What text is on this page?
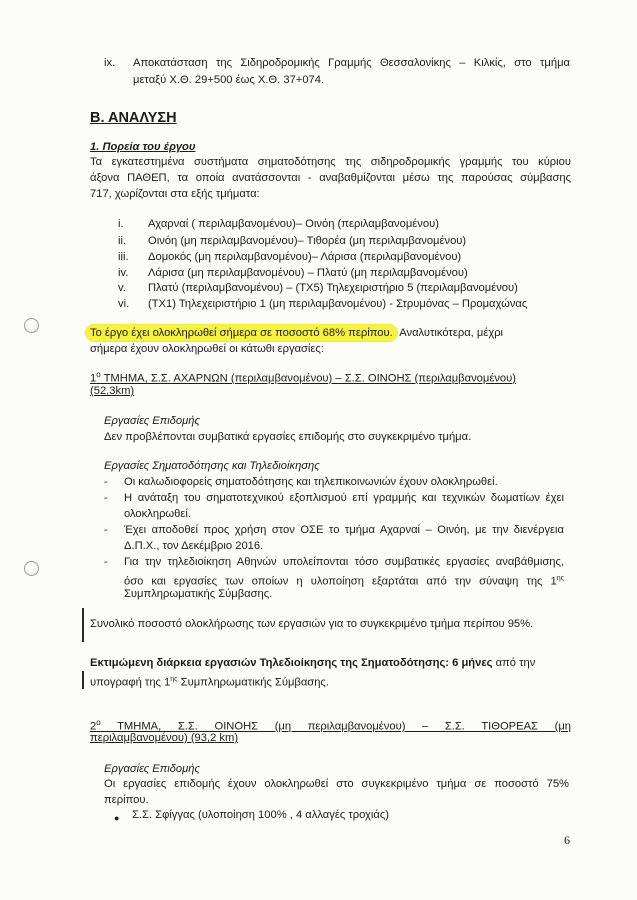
ix. Αποκατάσταση της Σιδηροδρομικής Γραμμής Θεσσαλονίκης – Κιλκίς, στο τμήμα
μεταξύ Χ.Θ. 29+500 έως Χ.Θ. 37+074.
Β. ΑΝΑΛΥΣΗ
1. Πορεία του έργου
Τα εγκατεστημένα συστήματα σηματοδότησης της σιδηροδρομικής γραμμής του κύριου
άξονα ΠΑΘΕΠ, τα οποία ανατάσσονται - αναβαθμίζονται μέσω της παρούσας σύμβασης
717, χωρίζονται στα εξής τμήματα:
i.	Αχαρναί ( περιλαμβανομένου)– Οινόη (περιλαμβανομένου)
ii.	Οινόη (μη περιλαμβανομένου)– Τιθορέα (μη περιλαμβανομένου)
iii.	Δομοκός (μη περιλαμβανομένου)– Λάρισα (περιλαμβανομένου)
iv.	Λάρισα (μη περιλαμβανομένου) – Πλατύ (μη περιλαμβανομένου)
v.	Πλατύ (περιλαμβανομένου) – (ΤΧ5) Τηλεχειριστήριο 5 (περιλαμβανομένου)
vi.	(ΤΧ1) Τηλεχειριστήριο 1 (μη περιλαμβανομένου) - Στρυμόνας – Προμαχώνας
Το έργο έχει ολοκληρωθεί σήμερα σε ποσοστό 68% περίπου. Αναλυτικότερα, μέχρι
σήμερα έχουν ολοκληρωθεί οι κάτωθι εργασίες:
$1^o$ ΤΜΗΜΑ, Σ.Σ. ΑΧΑΡΝΩΝ (περιλαμβανομένου) – Σ.Σ. ΟΙΝΟΗΣ (περιλαμβανομένου)
(52,3km)
Εργασίες Επιδομής
Δεν προβλέπονται συμβατικά εργασίες επιδομής στο συγκεκριμένο τμήμα.
Εργασίες Σηματοδότησης και Τηλεδιοίκησης
- Οι καλωδιοφορείς σηματοδότησης και τηλεπικοινωνιών έχουν ολοκληρωθεί.
- Η ανάταξη του σηματοτεχνικού εξοπλισμού επί γραμμής και τεχνικών δωματίων έχει
ολοκληρωθεί.
- Έχει αποδοθεί προς χρήση στον ΟΣΕ το τμήμα Αχαρναί – Οινόη, με την διενέργεια
Δ.Π.Χ., τον Δεκέμβριο 2016.
- Για την τηλεδιοίκηση Αθηνών υπολείπονται τόσο συμβατικές εργασίες αναβάθμισης,
όσο και εργασίες των οποίων η υλοποίηση εξαρτάται από την σύναψη της $1^{\eta\varsigma}$
Συμπληρωματικής Σύμβασης.
Συνολικό ποσοστό ολοκλήρωσης των εργασιών για το συγκεκριμένο τμήμα περίπου 95%.
Εκτιμώμενη διάρκεια εργασιών Τηλεδιοίκησης της Σηματοδότησης: 6 μήνες από την
υπογραφή της $1^{\eta\varsigma}$ Συμπληρωματικής Σύμβασης.
$2^o$ ΤΜΗΜΑ, Σ.Σ. ΟΙΝΟΗΣ (μη περιλαμβανομένου) – Σ.Σ. ΤΙΘΟΡΕΑΣ (μη
περιλαμβανομένου) (93,2 km)
Εργασίες Επιδομής
Οι εργασίες επιδομής έχουν ολοκληρωθεί στο συγκεκριμένο τμήμα σε ποσοστό 75%
περίπου.
● Σ.Σ. Σφίγγας (υλοποίηση 100% , 4 αλλαγές τροχιάς)
6
